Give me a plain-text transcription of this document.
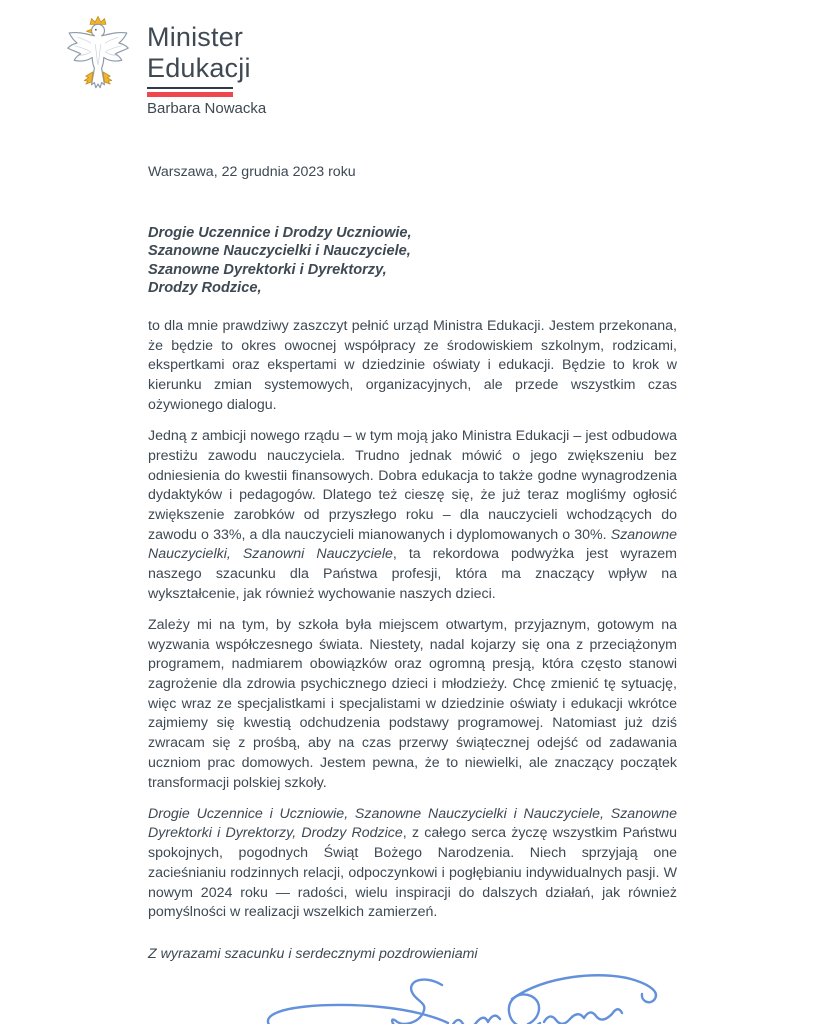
Minister
Edukacji
Barbara Nowacka

Warszawa, 22 grudnia 2023 roku

Drogie Uczennice i Drodzy Uczniowie,
Szanowne Nauczycielki i Nauczyciele,
Szanowne Dyrektorki i Dyrektorzy,
Drodzy Rodzice,

to dla mnie prawdziwy zaszczyt pełnić urząd Ministra Edukacji. Jestem przekonana, że będzie to okres owocnej współpracy ze środowiskiem szkolnym, rodzicami, ekspertkami oraz ekspertami w dziedzinie oświaty i edukacji. Będzie to krok w kierunku zmian systemowych, organizacyjnych, ale przede wszystkim czas ożywionego dialogu.

Jedną z ambicji nowego rządu – w tym moją jako Ministra Edukacji – jest odbudowa prestiżu zawodu nauczyciela. Trudno jednak mówić o jego zwiększeniu bez odniesienia do kwestii finansowych. Dobra edukacja to także godne wynagrodzenia dydaktyków i pedagogów. Dlatego też cieszę się, że już teraz mogliśmy ogłosić zwiększenie zarobków od przyszłego roku – dla nauczycieli wchodzących do zawodu o 33%, a dla nauczycieli mianowanych i dyplomowanych o 30%. Szanowne Nauczycielki, Szanowni Nauczyciele, ta rekordowa podwyżka jest wyrazem naszego szacunku dla Państwa profesji, która ma znaczący wpływ na wykształcenie, jak również wychowanie naszych dzieci.

Zależy mi na tym, by szkoła była miejscem otwartym, przyjaznym, gotowym na wyzwania współczesnego świata. Niestety, nadal kojarzy się ona z przeciążonym programem, nadmiarem obowiązków oraz ogromną presją, która często stanowi zagrożenie dla zdrowia psychicznego dzieci i młodzieży. Chcę zmienić tę sytuację, więc wraz ze specjalistkami i specjalistami w dziedzinie oświaty i edukacji wkrótce zajmiemy się kwestią odchudzenia podstawy programowej. Natomiast już dziś zwracam się z prośbą, aby na czas przerwy świątecznej odejść od zadawania uczniom prac domowych. Jestem pewna, że to niewielki, ale znaczący początek transformacji polskiej szkoły.

Drogie Uczennice i Uczniowie, Szanowne Nauczycielki i Nauczyciele, Szanowne Dyrektorki i Dyrektorzy, Drodzy Rodzice, z całego serca życzę wszystkim Państwu spokojnych, pogodnych Świąt Bożego Narodzenia. Niech sprzyjają one zacieśnianiu rodzinnych relacji, odpoczynkowi i pogłębianiu indywidualnych pasji. W nowym 2024 roku — radości, wielu inspiracji do dalszych działań, jak również pomyślności w realizacji wszelkich zamierzeń.

Z wyrazami szacunku i serdecznymi pozdrowieniami
